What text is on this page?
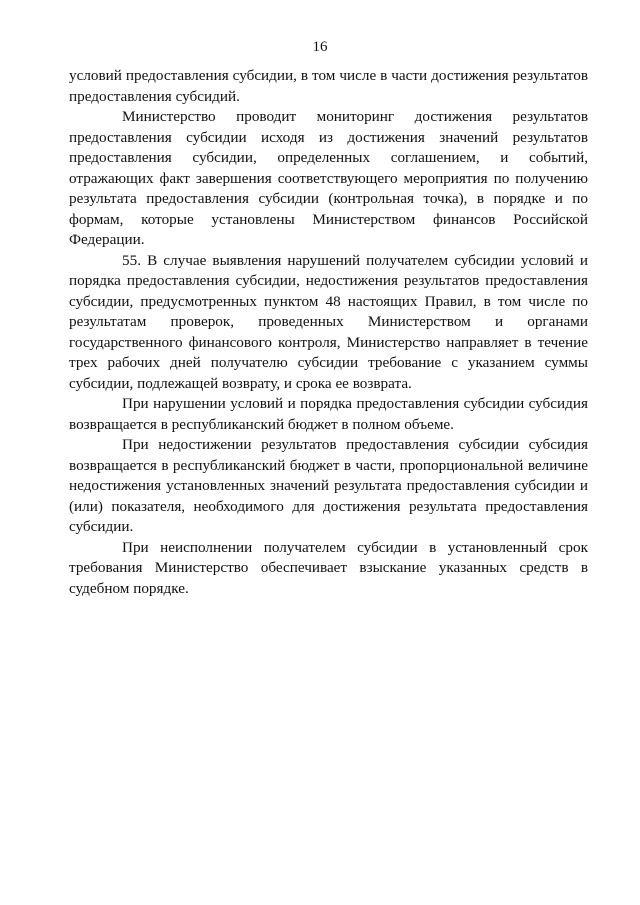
16

условий предоставления субсидии, в том числе в части достижения результатов предоставления субсидий.

Министерство проводит мониторинг достижения результатов предоставления субсидии исходя из достижения значений результатов предоставления субсидии, определенных соглашением, и событий, отражающих факт завершения соответствующего мероприятия по получению результата предоставления субсидии (контрольная точка), в порядке и по формам, которые установлены Министерством финансов Российской Федерации.

55. В случае выявления нарушений получателем субсидии условий и порядка предоставления субсидии, недостижения результатов предоставления субсидии, предусмотренных пунктом 48 настоящих Правил, в том числе по результатам проверок, проведенных Министерством и органами государственного финансового контроля, Министерство направляет в течение трех рабочих дней получателю субсидии требование с указанием суммы субсидии, подлежащей возврату, и срока ее возврата.

При нарушении условий и порядка предоставления субсидии субсидия возвращается в республиканский бюджет в полном объеме.

При недостижении результатов предоставления субсидии субсидия возвращается в республиканский бюджет в части, пропорциональной величине недостижения установленных значений результата предоставления субсидии и (или) показателя, необходимого для достижения результата предоставления субсидии.

При неисполнении получателем субсидии в установленный срок требования Министерство обеспечивает взыскание указанных средств в судебном порядке.
